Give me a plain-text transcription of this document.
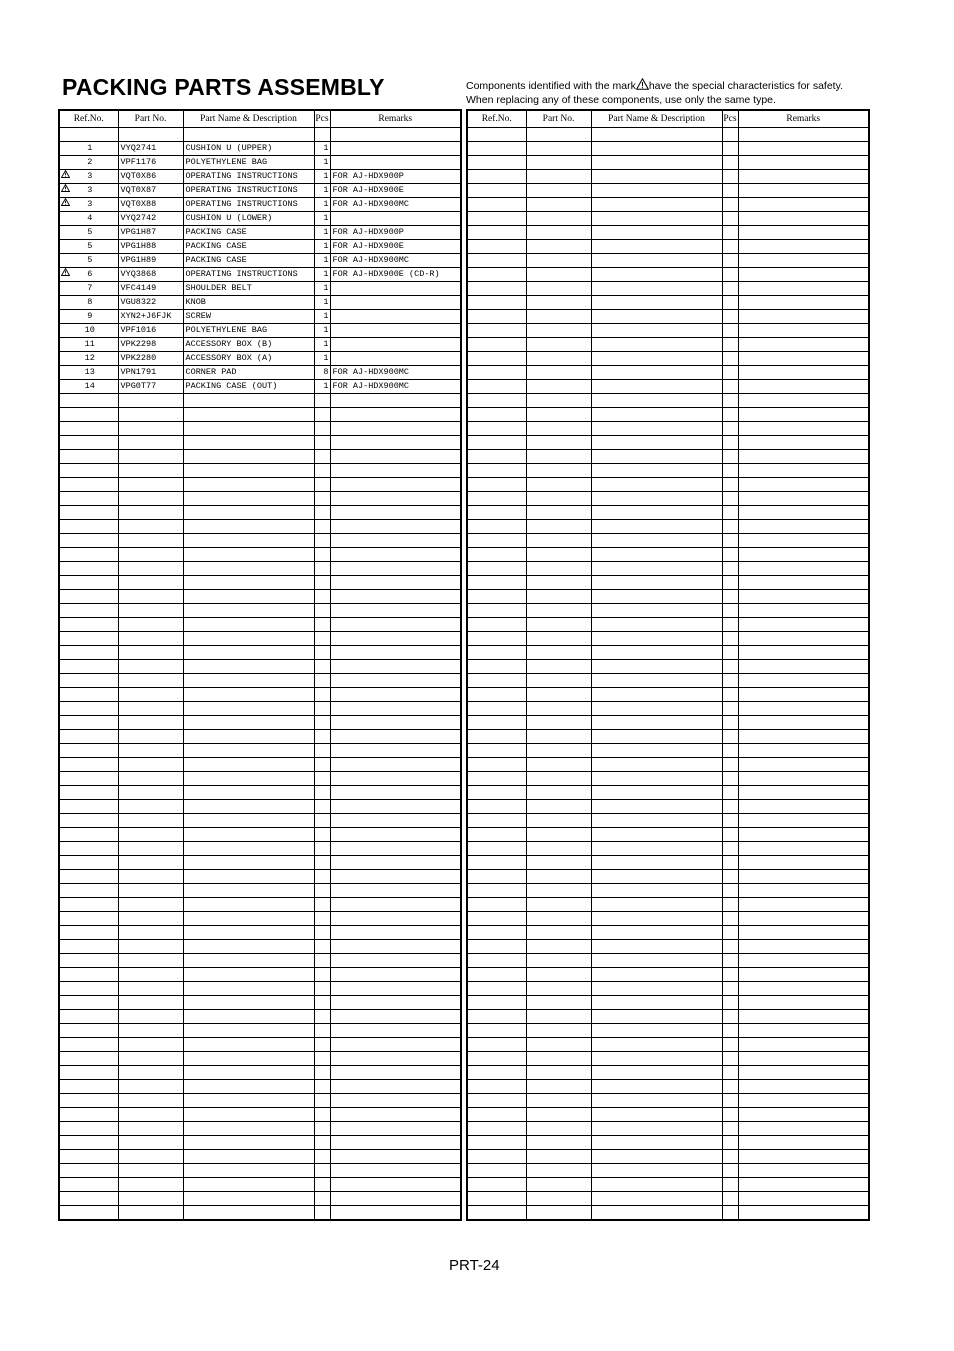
PACKING PARTS ASSEMBLY	Components identified with the mark have the special characteristics for safety.
When replacing any of these components, use only the same type.
Ref.No.	Part No.	Part Name & Description	Pcs	Remarks

1	VYQ2741	CUSHION U (UPPER)	1	
2	VPF1176	POLYETHYLENE BAG	1	

3	VQT0X86	OPERATING INSTRUCTIONS	1	FOR AJ-HDX900P

3	VQT0X87	OPERATING INSTRUCTIONS	1	FOR AJ-HDX900E

3	VQT0X88	OPERATING INSTRUCTIONS	1	FOR AJ-HDX900MC
4	VYQ2742	CUSHION U (LOWER)	1	
5	VPG1H87	PACKING CASE	1	FOR AJ-HDX900P
5	VPG1H88	PACKING CASE	1	FOR AJ-HDX900E
5	VPG1H89	PACKING CASE	1	FOR AJ-HDX900MC

6	VYQ3868	OPERATING INSTRUCTIONS	1	FOR AJ-HDX900E (CD-R)
7	VFC4149	SHOULDER BELT	1	
8	VGU8322	KNOB	1	
9	XYN2+J6FJK	SCREW	1	
10	VPF1016	POLYETHYLENE BAG	1	
11	VPK2298	ACCESSORY BOX (B)	1	
12	VPK2280	ACCESSORY BOX (A)	1	
13	VPN1791	CORNER PAD	8	FOR AJ-HDX900MC
14	VPG0T77	PACKING CASE (OUT)	1	FOR AJ-HDX900MC

Ref.No.	Part No.	Part Name & Description	Pcs	Remarks

PRT-24
